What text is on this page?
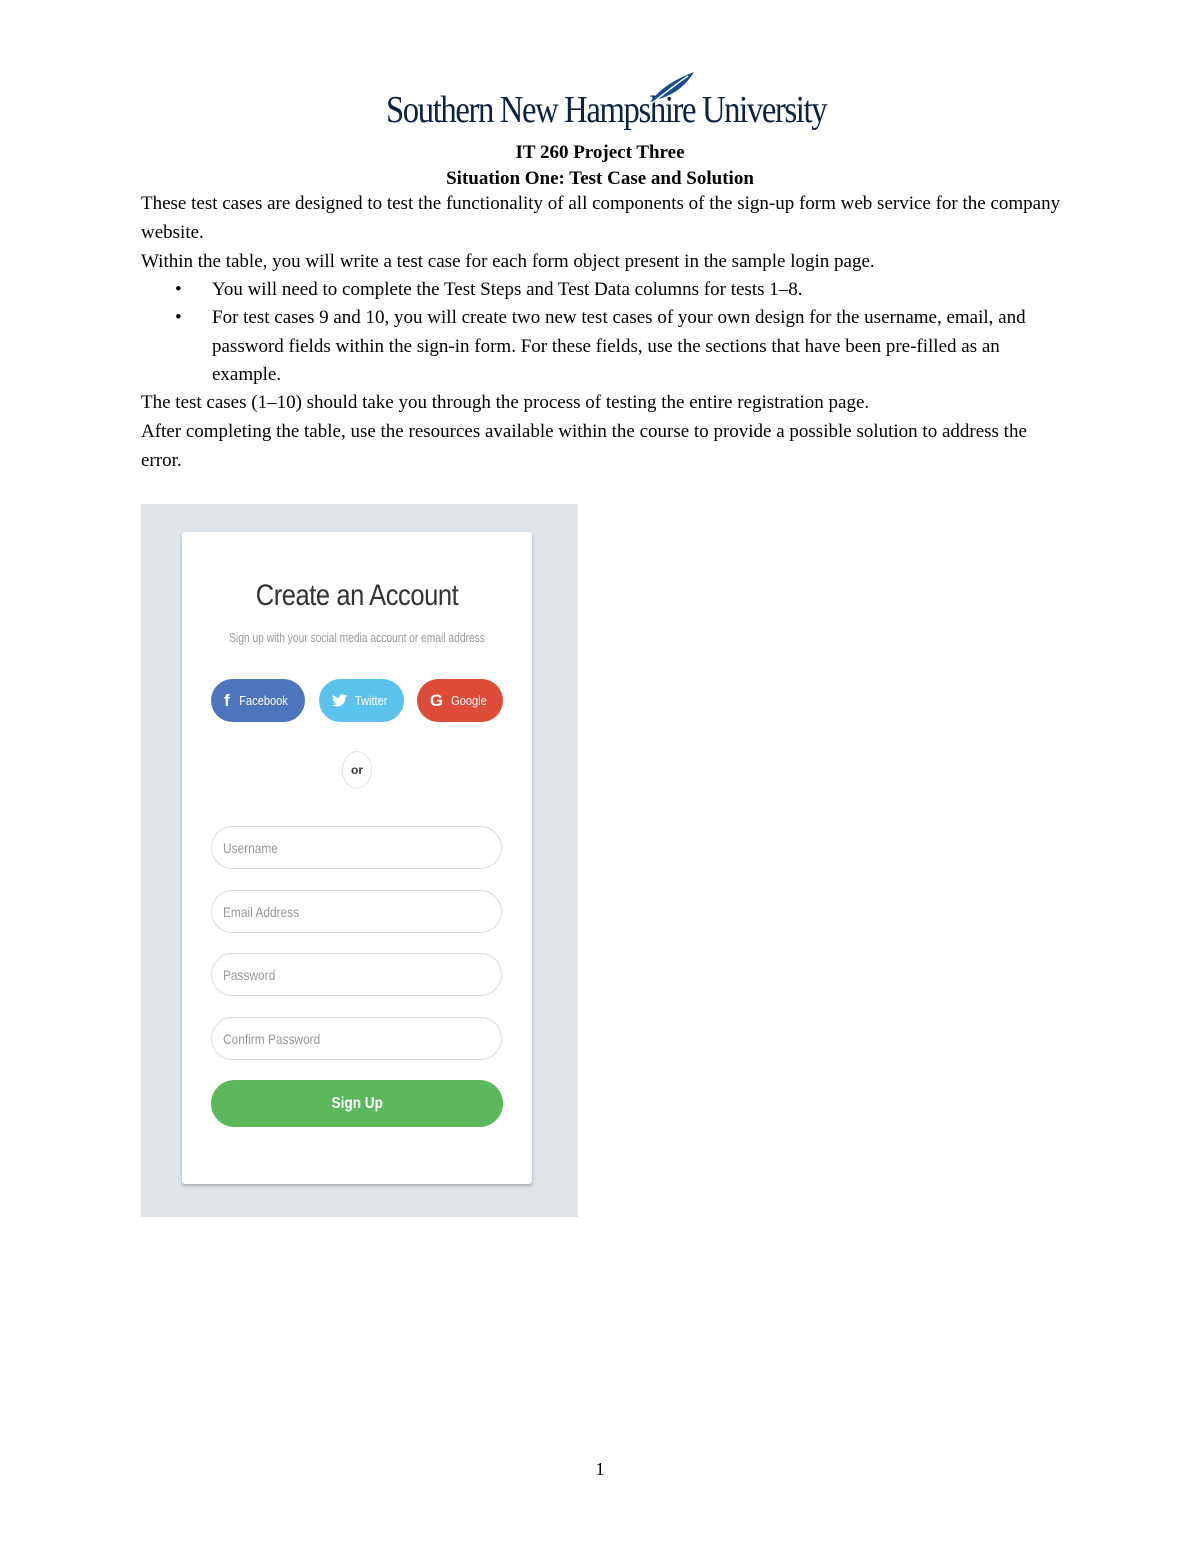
Southern New Hampshire University
IT 260 Project Three
Situation One: Test Case and Solution
These test cases are designed to test the functionality of all components of the sign-up form web service for the company website.
Within the table, you will write a test case for each form object present in the sample login page.
• You will need to complete the Test Steps and Test Data columns for tests 1–8.
• For test cases 9 and 10, you will create two new test cases of your own design for the username, email, and password fields within the sign-in form. For these fields, use the sections that have been pre-filled as an example.
The test cases (1–10) should take you through the process of testing the entire registration page.
After completing the table, use the resources available within the course to provide a possible solution to address the error.
Create an Account
Sign up with your social media account or email address
f Facebook	Twitter G Google
or
Username
Email Address
Password
Confirm Password
Sign Up
1
